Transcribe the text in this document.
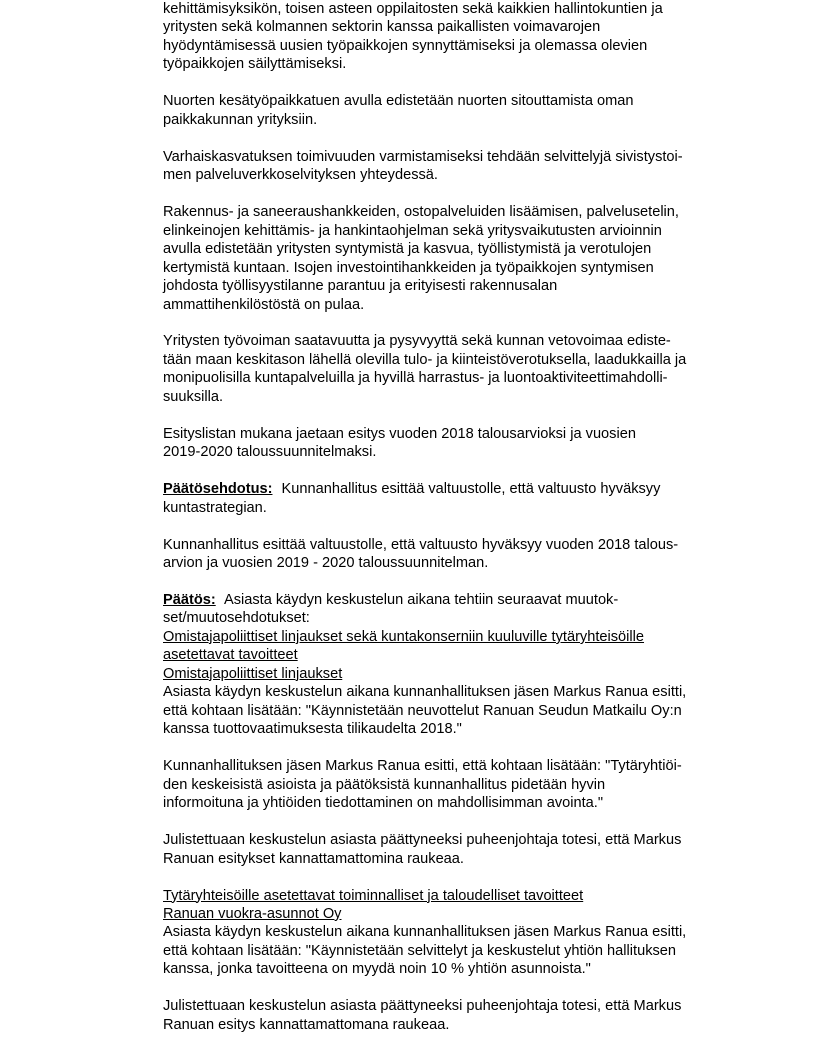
kehittämisyksikön, toisen asteen oppilaitosten sekä kaikkien hallintokuntien ja
yritysten sekä kolmannen sektorin kanssa paikallisten voimavarojen
hyödyntämisessä uusien työpaikkojen synnyttämiseksi ja olemassa olevien
työpaikkojen säilyttämiseksi.
Nuorten kesätyöpaikkatuen avulla edistetään nuorten sitouttamista oman
paikkakunnan yrityksiin.
Varhaiskasvatuksen toimivuuden varmistamiseksi tehdään selvittelyjä sivistystoi-
men palveluverkkoselvityksen yhteydessä.
Rakennus- ja saneeraushankkeiden, ostopalveluiden lisäämisen, palvelusetelin,
elinkeinojen kehittämis- ja hankintaohjelman sekä yritysvaikutusten arvioinnin
avulla edistetään yritysten syntymistä ja kasvua, työllistymistä ja verotulojen
kertymistä kuntaan. Isojen investointihankkeiden ja työpaikkojen syntymisen
johdosta työllisyystilanne parantuu ja erityisesti rakennusalan
ammattihenkilöstöstä on pulaa.
Yritysten työvoiman saatavuutta ja pysyvyyttä sekä kunnan vetovoimaa ediste-
tään maan keskitason lähellä olevilla tulo- ja kiinteistöverotuksella, laadukkailla ja
monipuolisilla kuntapalveluilla ja hyvillä harrastus- ja luontoaktiviteettimahdolli-
suuksilla.
Esityslistan mukana jaetaan esitys vuoden 2018 talousarvioksi ja vuosien
2019-2020 taloussuunnitelmaksi.
Päätösehdotus: Kunnanhallitus esittää valtuustolle, että valtuusto hyväksyy
kuntastrategian.
Kunnanhallitus esittää valtuustolle, että valtuusto hyväksyy vuoden 2018 talous-
arvion ja vuosien 2019 - 2020 taloussuunnitelman.
Päätös: Asiasta käydyn keskustelun aikana tehtiin seuraavat muutok-
set/muutosehdotukset:
Omistajapoliittiset linjaukset sekä kuntakonserniin kuuluville tytäryhteisöille
asetettavat tavoitteet
Omistajapoliittiset linjaukset
Asiasta käydyn keskustelun aikana kunnanhallituksen jäsen Markus Ranua esitti,
että kohtaan lisätään: "Käynnistetään neuvottelut Ranuan Seudun Matkailu Oy:n
kanssa tuottovaatimuksesta tilikaudelta 2018."
Kunnanhallituksen jäsen Markus Ranua esitti, että kohtaan lisätään: "Tytäryhtiöi-
den keskeisistä asioista ja päätöksistä kunnanhallitus pidetään hyvin
informoituna ja yhtiöiden tiedottaminen on mahdollisimman avointa."
Julistettuaan keskustelun asiasta päättyneeksi puheenjohtaja totesi, että Markus
Ranuan esitykset kannattamattomina raukeaa.
Tytäryhteisöille asetettavat toiminnalliset ja taloudelliset tavoitteet
Ranuan vuokra-asunnot Oy
Asiasta käydyn keskustelun aikana kunnanhallituksen jäsen Markus Ranua esitti,
että kohtaan lisätään: "Käynnistetään selvittelyt ja keskustelut yhtiön hallituksen
kanssa, jonka tavoitteena on myydä noin 10 % yhtiön asunnoista."
Julistettuaan keskustelun asiasta päättyneeksi puheenjohtaja totesi, että Markus
Ranuan esitys kannattamattomana raukeaa.
